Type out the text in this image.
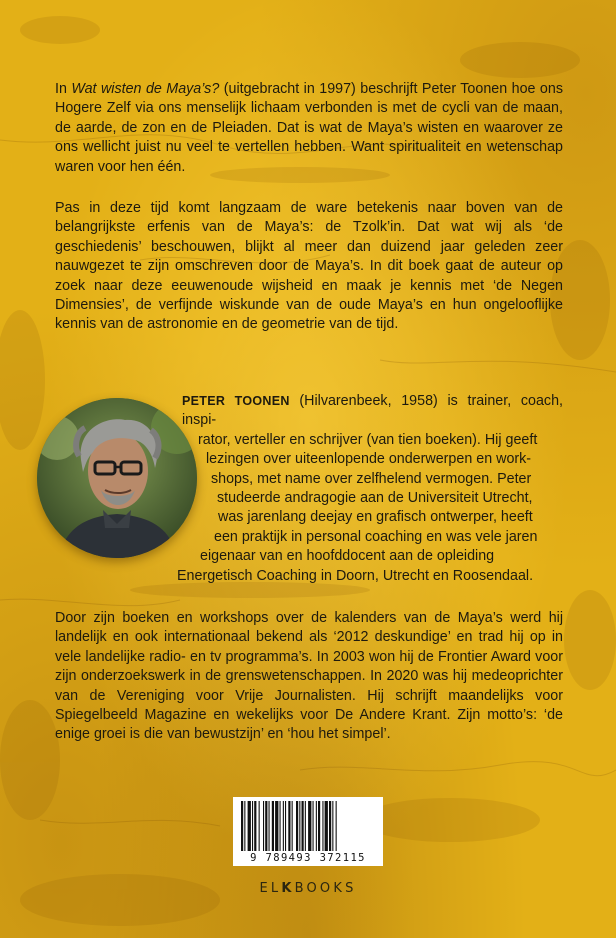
In Wat wisten de Maya’s? (uitgebracht in 1997) beschrijft Peter Toonen hoe ons Hogere Zelf via ons menselijk lichaam verbonden is met de cycli van de maan, de aarde, de zon en de Pleiaden. Dat is wat de Maya’s wisten en waarover ze ons wellicht juist nu veel te vertellen hebben. Want spiritualiteit en wetenschap waren voor hen één.

Pas in deze tijd komt langzaam de ware betekenis naar boven van de belangrijkste erfenis van de Maya’s: de Tzolk’in. Dat wat wij als ‘de geschiedenis’ beschouwen, blijkt al meer dan duizend jaar geleden zeer nauwgezet te zijn omschreven door de Maya’s. In dit boek gaat de auteur op zoek naar deze eeuwenoude wijsheid en maak je kennis met ‘de Negen Dimensies’, de verfijnde wiskunde van de oude Maya’s en hun ongelooflijke kennis van de astronomie en de geometrie van de tijd.

PETER TOONEN (Hilvarenbeek, 1958) is trainer, coach, inspi-
rator, verteller en schrijver (van tien boeken). Hij geeft
lezingen over uiteenlopende onderwerpen en work-
shops, met name over zelfhelend vermogen. Peter
studeerde andragogie aan de Universiteit Utrecht,
was jarenlang deejay en grafisch ontwerper, heeft
een praktijk in personal coaching en was vele jaren
eigenaar van en hoofddocent aan de opleiding
Energetisch Coaching in Doorn, Utrecht en Roosendaal.

Door zijn boeken en workshops over de kalenders van de Maya’s werd hij landelijk en ook internationaal bekend als ‘2012 deskundige’ en trad hij op in vele landelijke radio- en tv programma’s. In 2003 won hij de Frontier Award voor zijn onderzoekswerk in de grenswetenschappen. In 2020 was hij medeoprichter van de Vereniging voor Vrije Journalisten. Hij schrijft maandelijks voor Spiegelbeeld Magazine en wekelijks voor De Andere Krant. Zijn motto’s: ‘de enige groei is die van bewustzijn’ en ‘hou het simpel’.

9 789493 372115
ELKBOOKS
